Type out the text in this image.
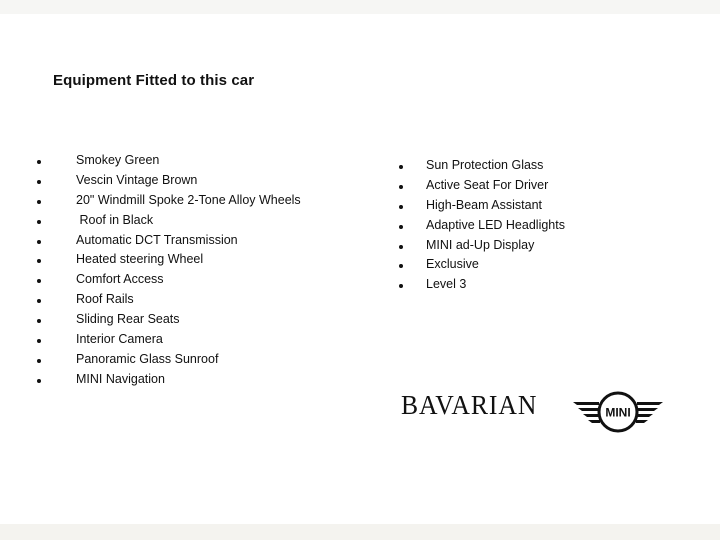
Equipment Fitted to this car
Smokey Green
Vescin Vintage Brown
20" Windmill Spoke 2-Tone Alloy Wheels
Roof in Black
Automatic DCT Transmission
Heated steering Wheel
Comfort Access
Roof Rails
Sliding Rear Seats
Interior Camera
Panoramic Glass Sunroof
MINI Navigation
Sun Protection Glass
Active Seat For Driver
High-Beam Assistant
Adaptive LED Headlights
MINI ad-Up Display
Exclusive
Level 3
BAVARIAN	MINI
